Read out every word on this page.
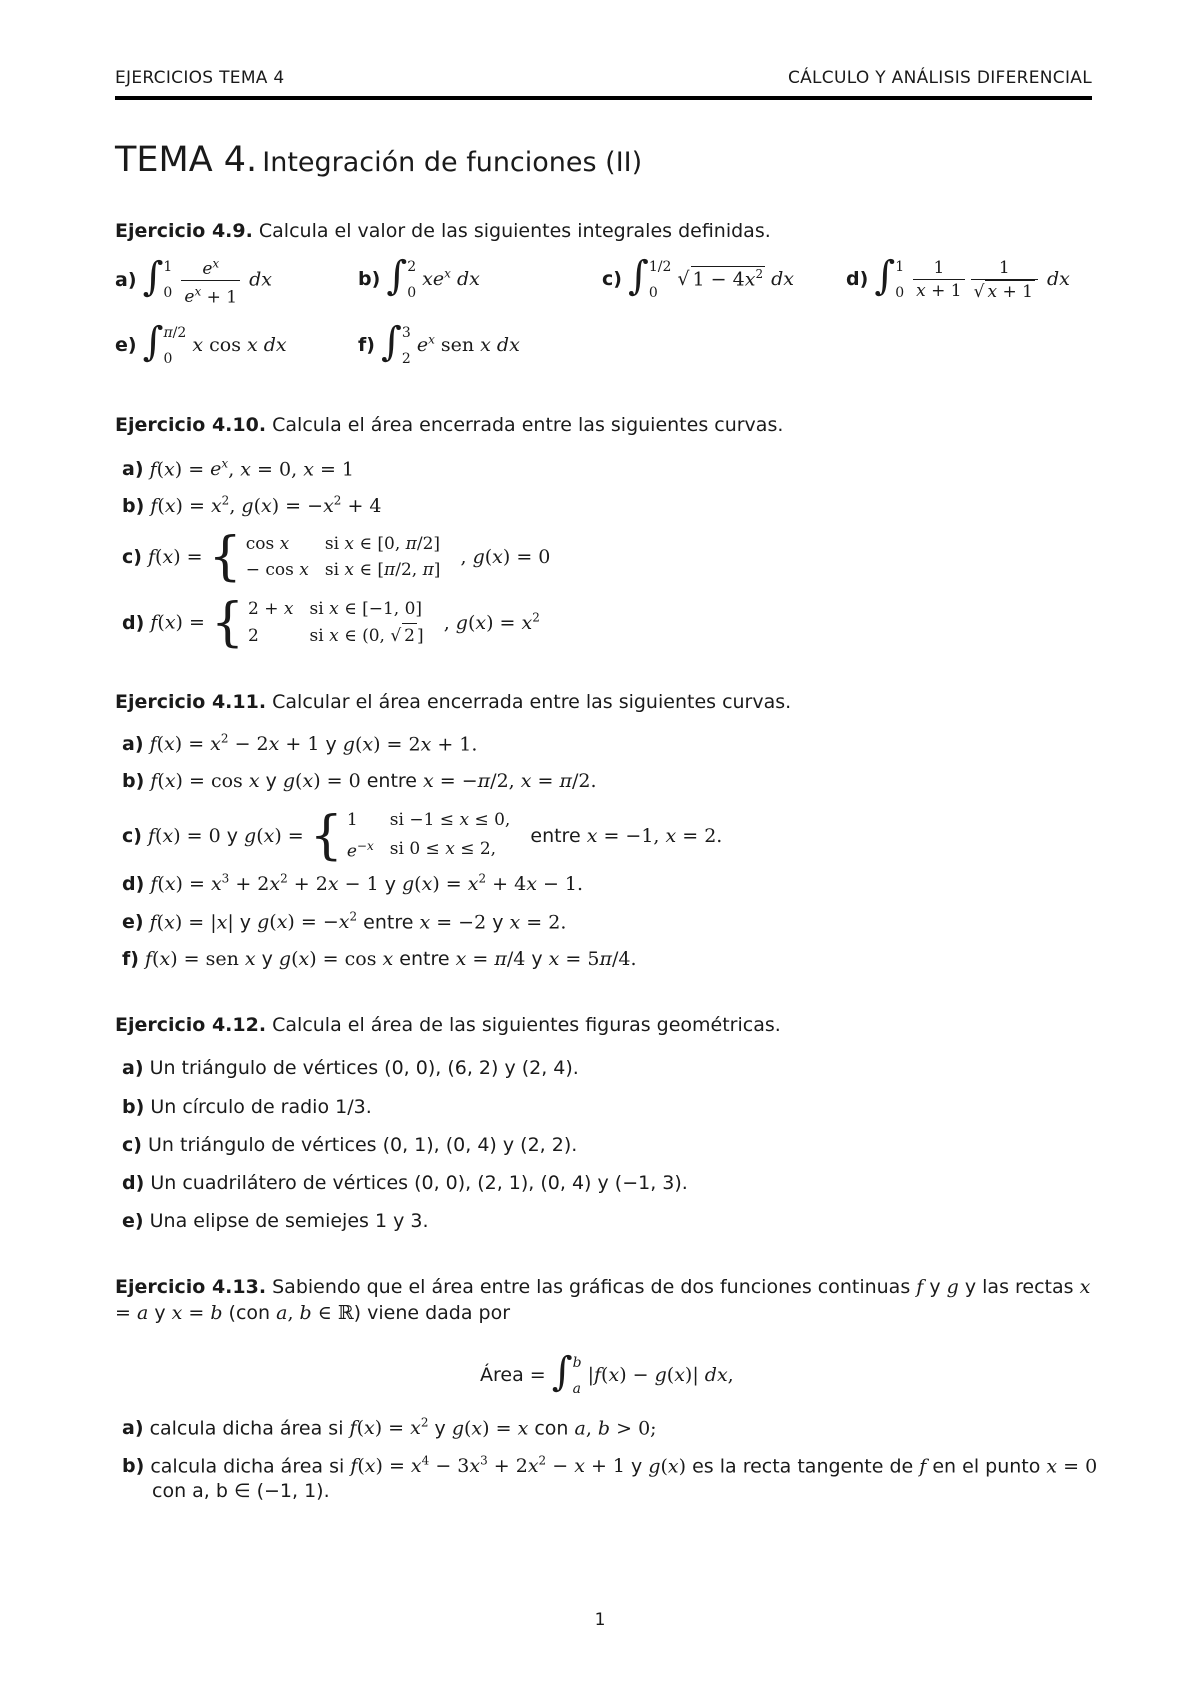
EJERCICIOS TEMA 4	CÁLCULO Y ANÁLISIS DIFERENCIAL
TEMA 4. Integración de funciones (II)
Ejercicio 4.9. Calcula el valor de las siguientes integrales definidas.
a) ∫ 1
0
$\frac{e^x}{e^x + 1}$ dx	b) ∫ 2
0
$xe^x$ dx	c) ∫ 1/2
0
√ $1 - 4x^2$ dx	d) ∫ 1
0
$\frac{1}{x + 1} \frac{1}{√ x + 1}$ dx
e) ∫ π/2
0
x cos x dx	f) ∫ 3
2
$e^x$ sen x dx
Ejercicio 4.10. Calcula el área encerrada entre las siguientes curvas.
a) $f(x) = e^x$, x = 0, x = 1
b) $f(x) = x^2$, $g(x) = -x^2 + 4$
c) f(x) = { cos x	si x ∈ [0, π/2]
− cos x	si x ∈ [π/2, π] , g(x) = 0
d) f(x) = { 2 + x	si x ∈ [−1, 0]
2	si x ∈ (0, √ 2 ] , $g(x) = x^2$
Ejercicio 4.11. Calcular el área encerrada entre las siguientes curvas.
a) $f(x) = x^2 - 2x + 1$ y g(x) = 2x + 1.
b) f(x) = cos x y g(x) = 0 entre x = −π/2, x = π/2.
c) f(x) = 0 y g(x) = { 1	si −1 ≤ x ≤ 0,
$e^{-x}$	si 0 ≤ x ≤ 2, entre x = −1, x = 2.
d) $f(x) = x^3 + 2x^2 + 2x - 1$ y $g(x) = x^2 + 4x - 1$.
e) f(x) = |x| y $g(x) = -x^2$ entre x = −2 y x = 2.
f) f(x) = sen x y g(x) = cos x entre x = π/4 y x = 5π/4.
Ejercicio 4.12. Calcula el área de las siguientes figuras geométricas.
a) Un triángulo de vértices (0, 0), (6, 2) y (2, 4).
b) Un círculo de radio 1/3.
c) Un triángulo de vértices (0, 1), (0, 4) y (2, 2).
d) Un cuadrilátero de vértices (0, 0), (2, 1), (0, 4) y (−1, 3).
e) Una elipse de semiejes 1 y 3.
Ejercicio 4.13. Sabiendo que el área entre las gráficas de dos funciones continuas f y g y las rectas x = a y x = b (con a, b ∈ ℝ) viene dada por
Área = ∫ b
a
|f(x) − g(x)| dx,
a) calcula dicha área si $f(x) = x^2$ y g(x) = x con a, b > 0;
b) calcula dicha área si $f(x) = x^4 - 3x^3 + 2x^2 - x + 1$ y g(x) es la recta tangente de f en el punto x = 0
con a, b ∈ (−1, 1).
1
